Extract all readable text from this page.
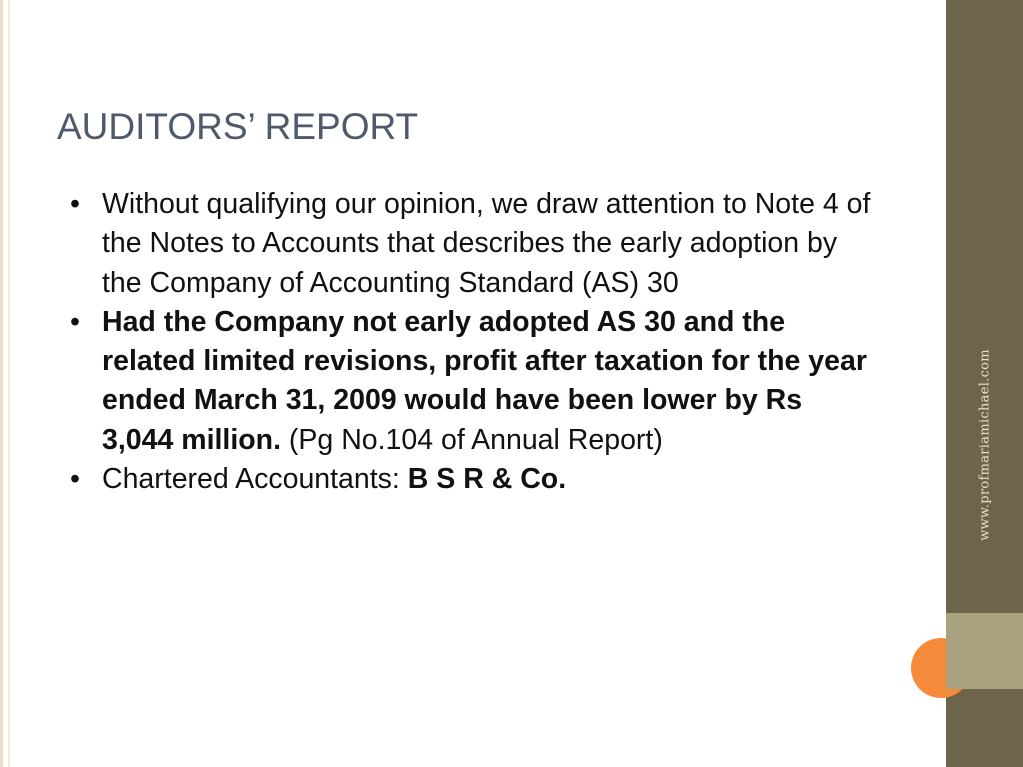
AUDITORS’ REPORT
• Without qualifying our opinion, we draw attention to Note 4 of the Notes to Accounts that describes the early adoption by the Company of Accounting Standard (AS) 30
• Had the Company not early adopted AS 30 and the related limited revisions, profit after taxation for the year ended March 31, 2009 would have been lower by Rs 3,044 million. (Pg No.104 of Annual Report)
• Chartered Accountants: B S R & Co.	www.profmariamichael.com
